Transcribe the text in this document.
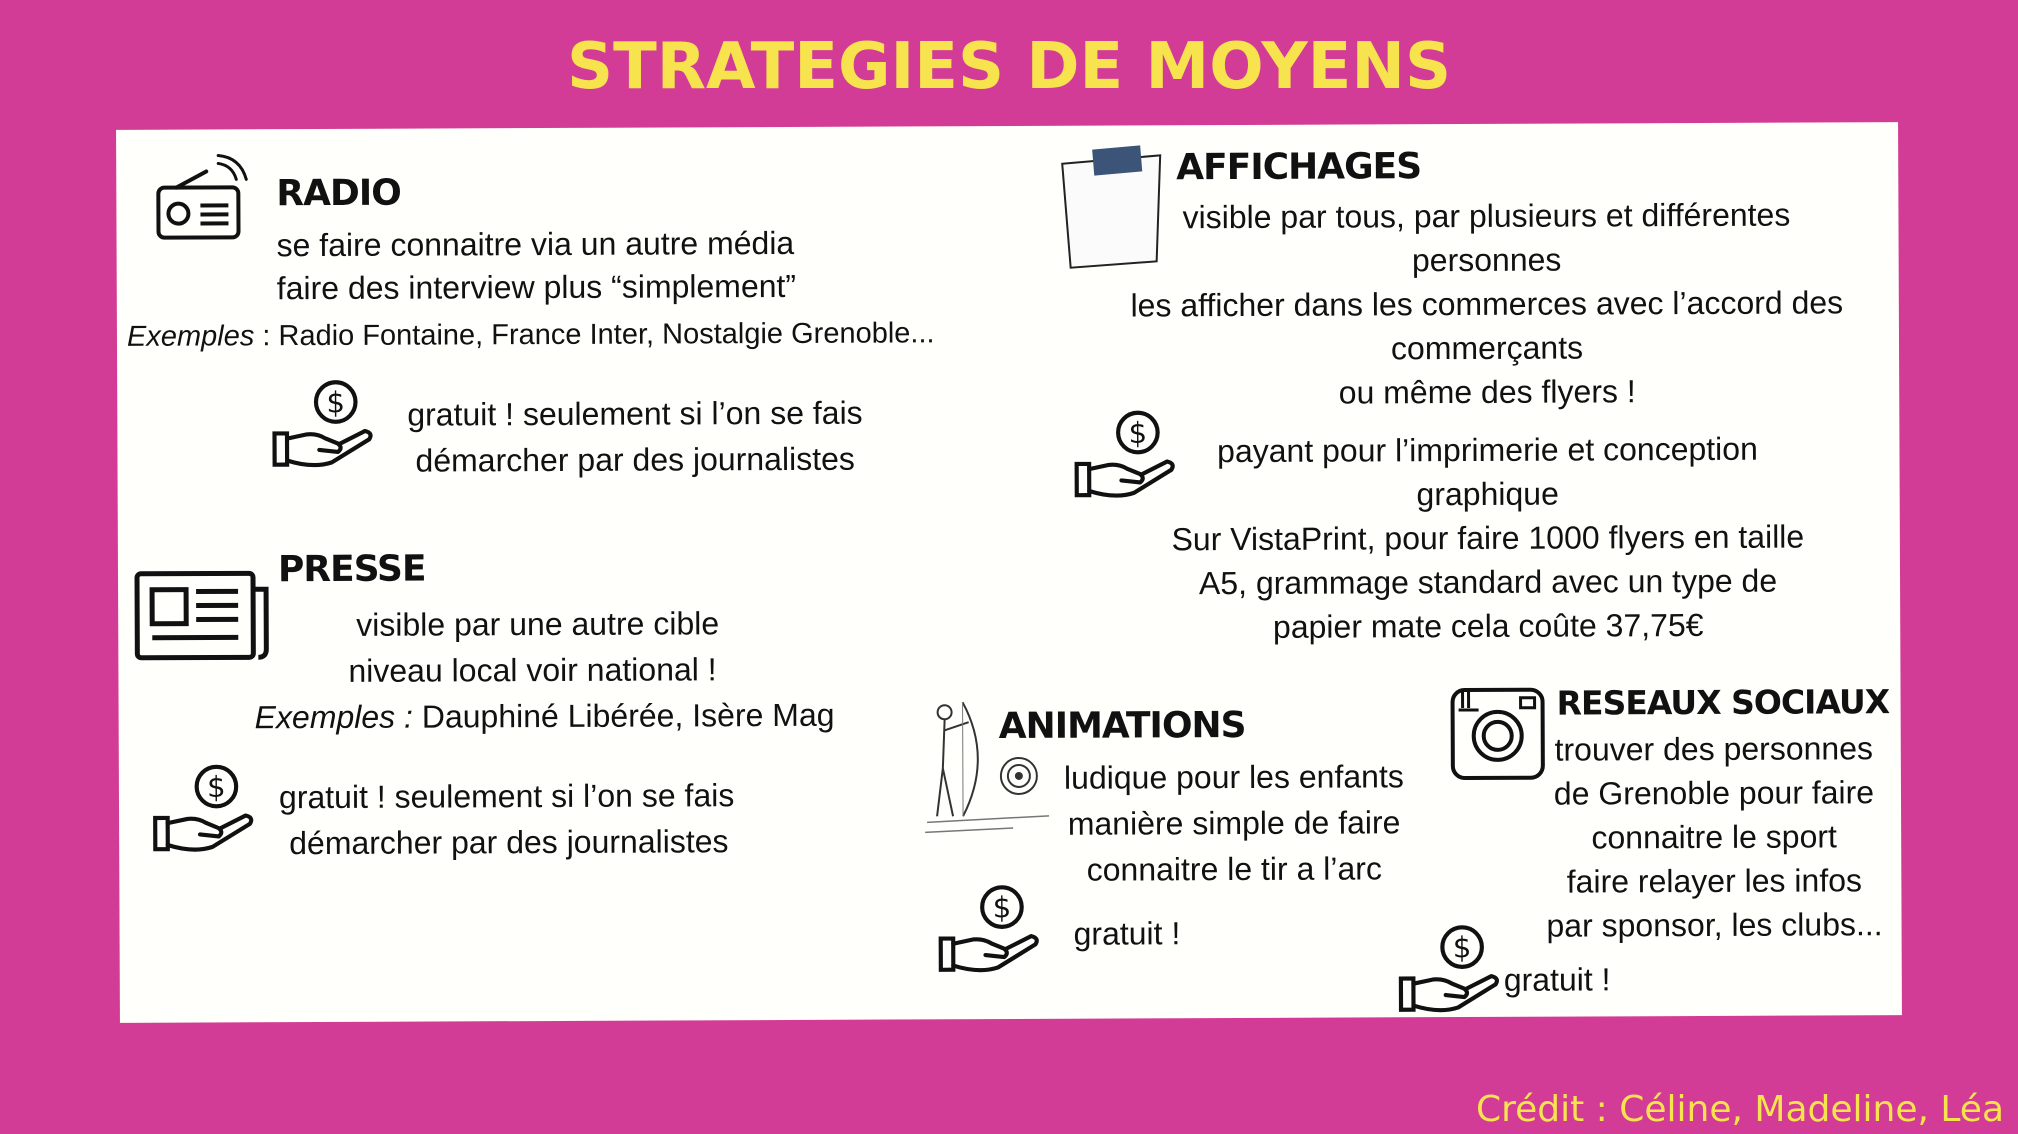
STRATEGIES DE MOYENS
RADIO
se faire connaitre via un autre média
faire des interview plus “simplement”
Exemples : Radio Fontaine, France Inter, Nostalgie Grenoble...
gratuit ! seulement si l’on se fais
démarcher par des journalistes
PRESSE
visible par une autre cible
niveau local voir national !
Exemples : Dauphiné Libérée, Isère Mag
gratuit ! seulement si l’on se fais
démarcher par des journalistes
AFFICHAGES
visible par tous, par plusieurs et différentes
personnes
les afficher dans les commerces avec l’accord des
commerçants
ou même des flyers !
payant pour l’imprimerie et conception
graphique
Sur VistaPrint, pour faire 1000 flyers en taille
A5, grammage standard avec un type de
papier mate cela coûte 37,75€
ANIMATIONS
ludique pour les enfants
manière simple de faire
connaitre le tir a l’arc
gratuit !
RESEAUX SOCIAUX
trouver des personnes
de Grenoble pour faire
connaitre le sport
faire relayer les infos
par sponsor, les clubs...
gratuit !
Crédit : Céline, Madeline, Léa
